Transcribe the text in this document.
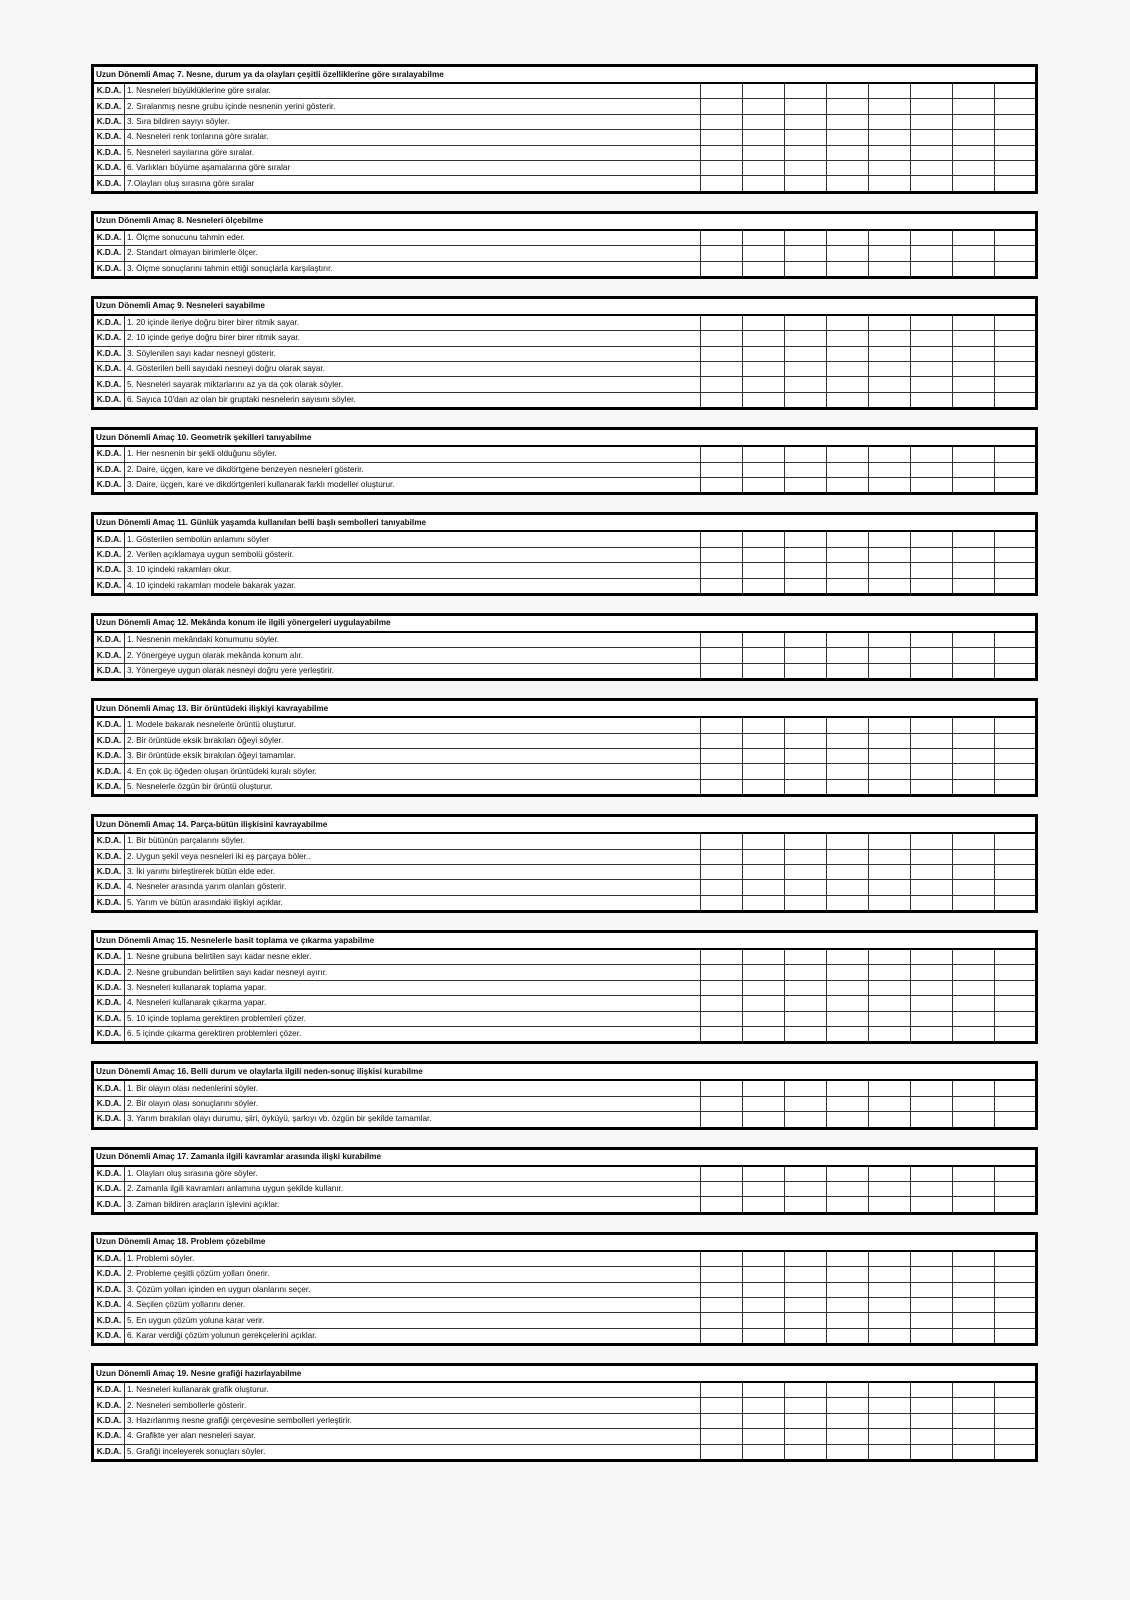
Uzun Dönemli Amaç 7. Nesne, durum ya da olayları çeşitli özelliklerine göre sıralayabilme									
K.D.A.	1. Nesneleri büyüklüklerine göre sıralar.								
K.D.A.	2. Sıralanmış nesne grubu içinde nesnenin yerini gösterir.								
K.D.A.	3. Sıra bildiren sayıyı söyler.								
K.D.A.	4. Nesneleri renk tonlarına göre sıralar.								
K.D.A.	5. Nesneleri sayılarına göre sıralar.								
K.D.A.	6. Varlıkları büyüme aşamalarına göre sıralar								
K.D.A.	7.Olayları oluş sırasına göre sıralar								
Uzun Dönemli Amaç 8. Nesneleri ölçebilme									
K.D.A.	1. Ölçme sonucunu tahmin eder.								
K.D.A.	2. Standart olmayan birimlerle ölçer.								
K.D.A.	3. Ölçme sonuçlarını tahmin ettiği sonuçlarla karşılaştırır.								
Uzun Dönemli Amaç 9. Nesneleri sayabilme									
K.D.A.	1. 20 içinde ileriye doğru birer birer ritmik sayar.								
K.D.A.	2. 10 içinde geriye doğru birer birer ritmik sayar.								
K.D.A.	3. Söylenilen sayı kadar nesneyi gösterir.								
K.D.A.	4. Gösterilen belli sayıdaki nesneyi doğru olarak sayar.								
K.D.A.	5. Nesneleri sayarak miktarlarını az ya da çok olarak söyler.								
K.D.A.	6. Sayıca 10'dan az olan bir gruptaki nesnelerin sayısını söyler.								
Uzun Dönemli Amaç 10. Geometrik şekilleri tanıyabilme									
K.D.A.	1. Her nesnenin bir şekli olduğunu söyler.								
K.D.A.	2. Daire, üçgen, kare ve dikdörtgene benzeyen nesneleri gösterir.								
K.D.A.	3. Daire, üçgen, kare ve dikdörtgenleri kullanarak farklı modeller oluşturur.								
Uzun Dönemli Amaç 11. Günlük yaşamda kullanılan belli başlı sembolleri tanıyabilme									
K.D.A.	1. Gösterilen sembolün anlamını söyler								
K.D.A.	2. Verilen açıklamaya uygun sembolü gösterir.								
K.D.A.	3. 10 içindeki rakamları okur.								
K.D.A.	4. 10 içindeki rakamları modele bakarak yazar.								
Uzun Dönemli Amaç 12. Mekânda konum ile ilgili yönergeleri uygulayabilme									
K.D.A.	1. Nesnenin mekândaki konumunu söyler.								
K.D.A.	2. Yönergeye uygun olarak mekânda konum alır.								
K.D.A.	3. Yönergeye uygun olarak nesneyi doğru yere yerleştirir.								
Uzun Dönemli Amaç 13. Bir örüntüdeki ilişkiyi kavrayabilme									
K.D.A.	1. Modele bakarak nesnelerle örüntü oluşturur.								
K.D.A.	2. Bir örüntüde eksik bırakılan öğeyi söyler.								
K.D.A.	3. Bir örüntüde eksik bırakılan öğeyi tamamlar.								
K.D.A.	4. En çok üç öğeden oluşan örüntüdeki kuralı söyler.								
K.D.A.	5. Nesnelerle özgün bir örüntü oluşturur.								
Uzun Dönemli Amaç 14. Parça-bütün ilişkisini kavrayabilme									
K.D.A.	1. Bir bütünün parçalarını söyler.								
K.D.A.	2. Uygun şekil veya nesneleri iki eş parçaya böler..								
K.D.A.	3. İki yarımı birleştirerek bütün elde eder.								
K.D.A.	4. Nesneler arasında yarım olanları gösterir.								
K.D.A.	5. Yarım ve bütün arasındaki ilişkiyi açıklar.								
Uzun Dönemli Amaç 15. Nesnelerle basit toplama ve çıkarma yapabilme									
K.D.A.	1. Nesne grubuna belirtilen sayı kadar nesne ekler.								
K.D.A.	2. Nesne grubundan belirtilen sayı kadar nesneyi ayırır.								
K.D.A.	3. Nesneleri kullanarak toplama yapar.								
K.D.A.	4. Nesneleri kullanarak çıkarma yapar.								
K.D.A.	5. 10 içinde toplama gerektiren problemleri çözer.								
K.D.A.	6. 5 içinde çıkarma gerektiren problemleri çözer.								
Uzun Dönemli Amaç 16. Belli durum ve olaylarla ilgili neden-sonuç ilişkisi kurabilme									
K.D.A.	1. Bir olayın olası nedenlerini söyler.								
K.D.A.	2. Bir olayın olası sonuçlarını söyler.								
K.D.A.	3. Yarım bırakılan olayı durumu, şiiri, öyküyü, şarkıyı vb. özgün bir şekilde tamamlar.								
Uzun Dönemli Amaç 17. Zamanla ilgili kavramlar arasında ilişki kurabilme									
K.D.A.	1. Olayları oluş sırasına göre söyler.								
K.D.A.	2. Zamanla ilgili kavramları anlamına uygun şekilde kullanır.								
K.D.A.	3. Zaman bildiren araçların işlevini açıklar.								
Uzun Dönemli Amaç 18. Problem çözebilme									
K.D.A.	1. Problemi söyler.								
K.D.A.	2. Probleme çeşitli çözüm yolları önerir.								
K.D.A.	3. Çözüm yolları içinden en uygun olanlarını seçer.								
K.D.A.	4. Seçilen çözüm yollarını dener.								
K.D.A.	5. En uygun çözüm yoluna karar verir.								
K.D.A.	6. Karar verdiği çözüm yolunun gerekçelerini açıklar.								
Uzun Dönemli Amaç 19. Nesne grafiği hazırlayabilme									
K.D.A.	1. Nesneleri kullanarak grafik oluşturur.								
K.D.A.	2. Nesneleri sembollerle gösterir.								
K.D.A.	3. Hazırlanmış nesne grafiği çerçevesine sembolleri yerleştirir.								
K.D.A.	4. Grafikte yer alan nesneleri sayar.								
K.D.A.	5. Grafiği inceleyerek sonuçları söyler.								
